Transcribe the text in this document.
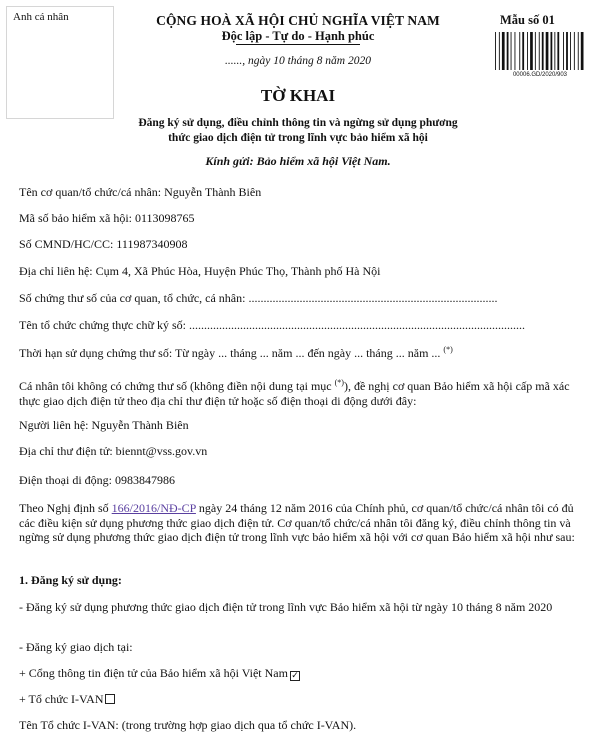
Anh cá nhân	CỘNG HOÀ XÃ HỘI CHỦ NGHĨA VIỆT NAM
Độc lập - Tự do - Hạnh phúc
......, ngày 10 tháng 8 năm 2020
Mẫu số 01
00006.GD/2020/903
TỜ KHAI
Đăng ký sử dụng, điều chỉnh thông tin và ngừng sử dụng phương
thức giao dịch điện tử trong lĩnh vực bảo hiểm xã hội
Kính gửi: Bảo hiểm xã hội Việt Nam.
Tên cơ quan/tổ chức/cá nhân: Nguyễn Thành Biên
Mã số bảo hiểm xã hội: 0113098765
Số CMND/HC/CC: 111987340908
Địa chỉ liên hệ: Cụm 4, Xã Phúc Hòa, Huyện Phúc Thọ, Thành phố Hà Nội
Số chứng thư số của cơ quan, tổ chức, cá nhân: ...................................................................................
Tên tổ chức chứng thực chữ ký số: ................................................................................................................
Thời hạn sử dụng chứng thư số: Từ ngày ... tháng ... năm ... đến ngày ... tháng ... năm ... (*)
Cá nhân tôi không có chứng thư số (không điền nội dung tại mục (*)), đề nghị cơ quan Bảo hiểm xã hội cấp mã xác thực giao dịch điện tử theo địa chỉ thư điện tử hoặc số điện thoại di động dưới đây:
Người liên hệ: Nguyễn Thành Biên
Địa chỉ thư điện tử: biennt@vss.gov.vn
Điện thoại di động: 0983847986
Theo Nghị định số 166/2016/NĐ-CP ngày 24 tháng 12 năm 2016 của Chính phủ, cơ quan/tổ chức/cá nhân tôi có đủ các điều kiện sử dụng phương thức giao dịch điện tử. Cơ quan/tổ chức/cá nhân tôi đăng ký, điều chỉnh thông tin và ngừng sử dụng phương thức giao dịch điện tử trong lĩnh vực bảo hiểm xã hội với cơ quan Bảo hiểm xã hội như sau:
1. Đăng ký sử dụng:
- Đăng ký sử dụng phương thức giao dịch điện tử trong lĩnh vực Bảo hiểm xã hội từ ngày 10 tháng 8 năm 2020
- Đăng ký giao dịch tại:
+ Cổng thông tin điện tử của Bảo hiểm xã hội Việt Nam ✓
+ Tổ chức I-VAN
Tên Tổ chức I-VAN: (trong trường hợp giao dịch qua tổ chức I-VAN).
